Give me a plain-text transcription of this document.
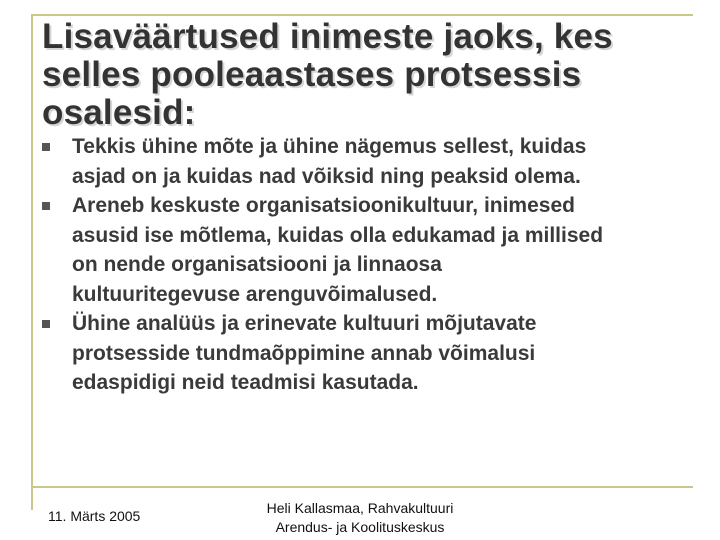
Lisaväärtused inimeste jaoks, kes
selles pooleaastases protsessis
osalesid:
Tekkis ühine mõte ja ühine nägemus sellest, kuidas
asjad on ja kuidas nad võiksid ning peaksid olema.
Areneb keskuste organisatsioonikultuur, inimesed
asusid ise mõtlema, kuidas olla edukamad ja millised
on nende organisatsiooni ja linnaosa
kultuuritegevuse arenguvõimalused.
Ühine analüüs ja erinevate kultuuri mõjutavate
protsesside tundmaõppimine annab võimalusi
edaspidigi neid teadmisi kasutada.
11. Märts 2005	Heli Kallasmaa, Rahvakultuuri
Arendus- ja Koolituskeskus
